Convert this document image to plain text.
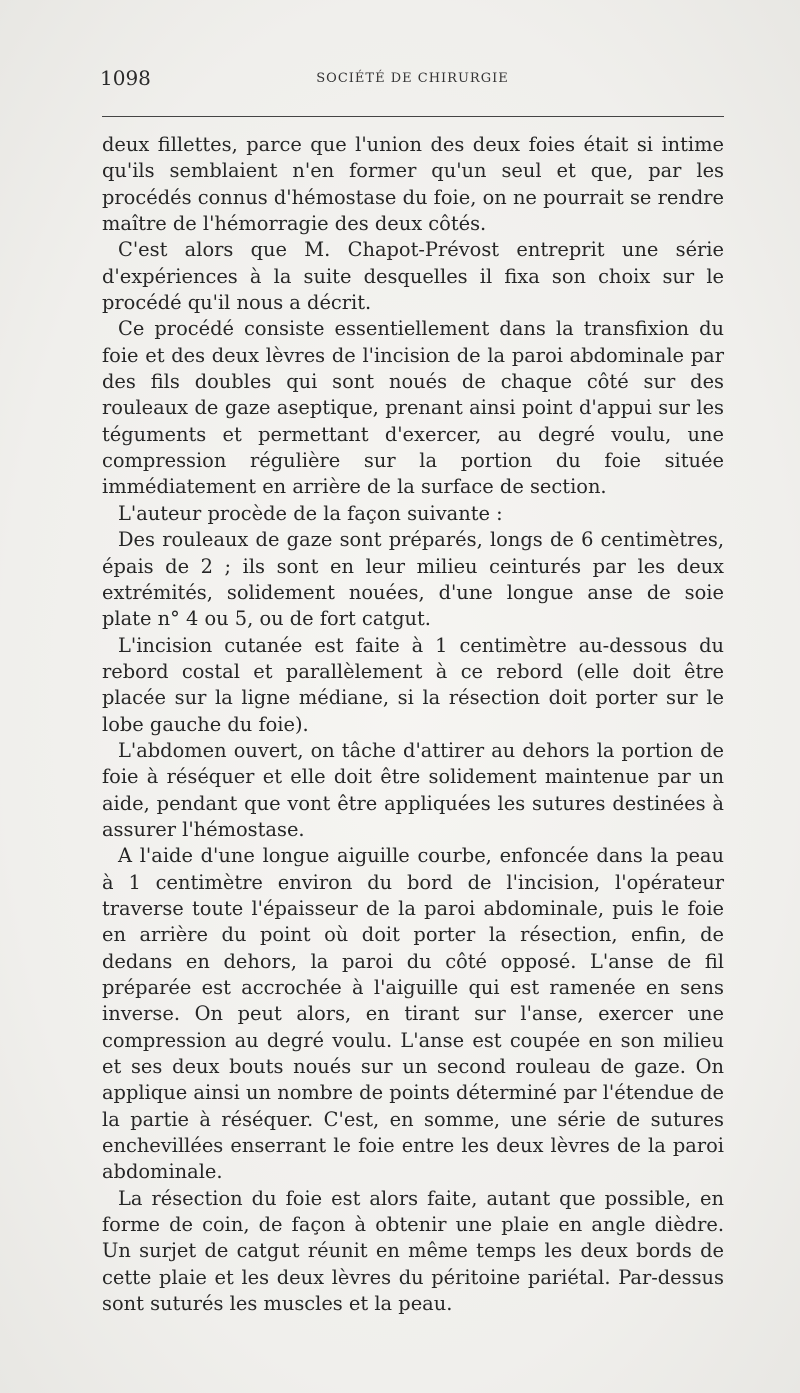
1098	SOCIÉTÉ DE CHIRURGIE

deux fillettes, parce que l'union des deux foies était si intime qu'ils semblaient n'en former qu'un seul et que, par les procédés connus d'hémostase du foie, on ne pourrait se rendre maître de l'hémorragie des deux côtés.

C'est alors que M. Chapot-Prévost entreprit une série d'expériences à la suite desquelles il fixa son choix sur le procédé qu'il nous a décrit.

Ce procédé consiste essentiellement dans la transfixion du foie et des deux lèvres de l'incision de la paroi abdominale par des fils doubles qui sont noués de chaque côté sur des rouleaux de gaze aseptique, prenant ainsi point d'appui sur les téguments et permettant d'exercer, au degré voulu, une compression régulière sur la portion du foie située immédiatement en arrière de la surface de section.

L'auteur procède de la façon suivante :

Des rouleaux de gaze sont préparés, longs de 6 centimètres, épais de 2 ; ils sont en leur milieu ceinturés par les deux extrémités, solidement nouées, d'une longue anse de soie plate n° 4 ou 5, ou de fort catgut.

L'incision cutanée est faite à 1 centimètre au-dessous du rebord costal et parallèlement à ce rebord (elle doit être placée sur la ligne médiane, si la résection doit porter sur le lobe gauche du foie).

L'abdomen ouvert, on tâche d'attirer au dehors la portion de foie à réséquer et elle doit être solidement maintenue par un aide, pendant que vont être appliquées les sutures destinées à assurer l'hémostase.

A l'aide d'une longue aiguille courbe, enfoncée dans la peau à 1 centimètre environ du bord de l'incision, l'opérateur traverse toute l'épaisseur de la paroi abdominale, puis le foie en arrière du point où doit porter la résection, enfin, de dedans en dehors, la paroi du côté opposé. L'anse de fil préparée est accrochée à l'aiguille qui est ramenée en sens inverse. On peut alors, en tirant sur l'anse, exercer une compression au degré voulu. L'anse est coupée en son milieu et ses deux bouts noués sur un second rouleau de gaze. On applique ainsi un nombre de points déterminé par l'étendue de la partie à réséquer. C'est, en somme, une série de sutures enchevillées enserrant le foie entre les deux lèvres de la paroi abdominale.

La résection du foie est alors faite, autant que possible, en forme de coin, de façon à obtenir une plaie en angle dièdre. Un surjet de catgut réunit en même temps les deux bords de cette plaie et les deux lèvres du péritoine pariétal. Par-dessus sont suturés les muscles et la peau.
